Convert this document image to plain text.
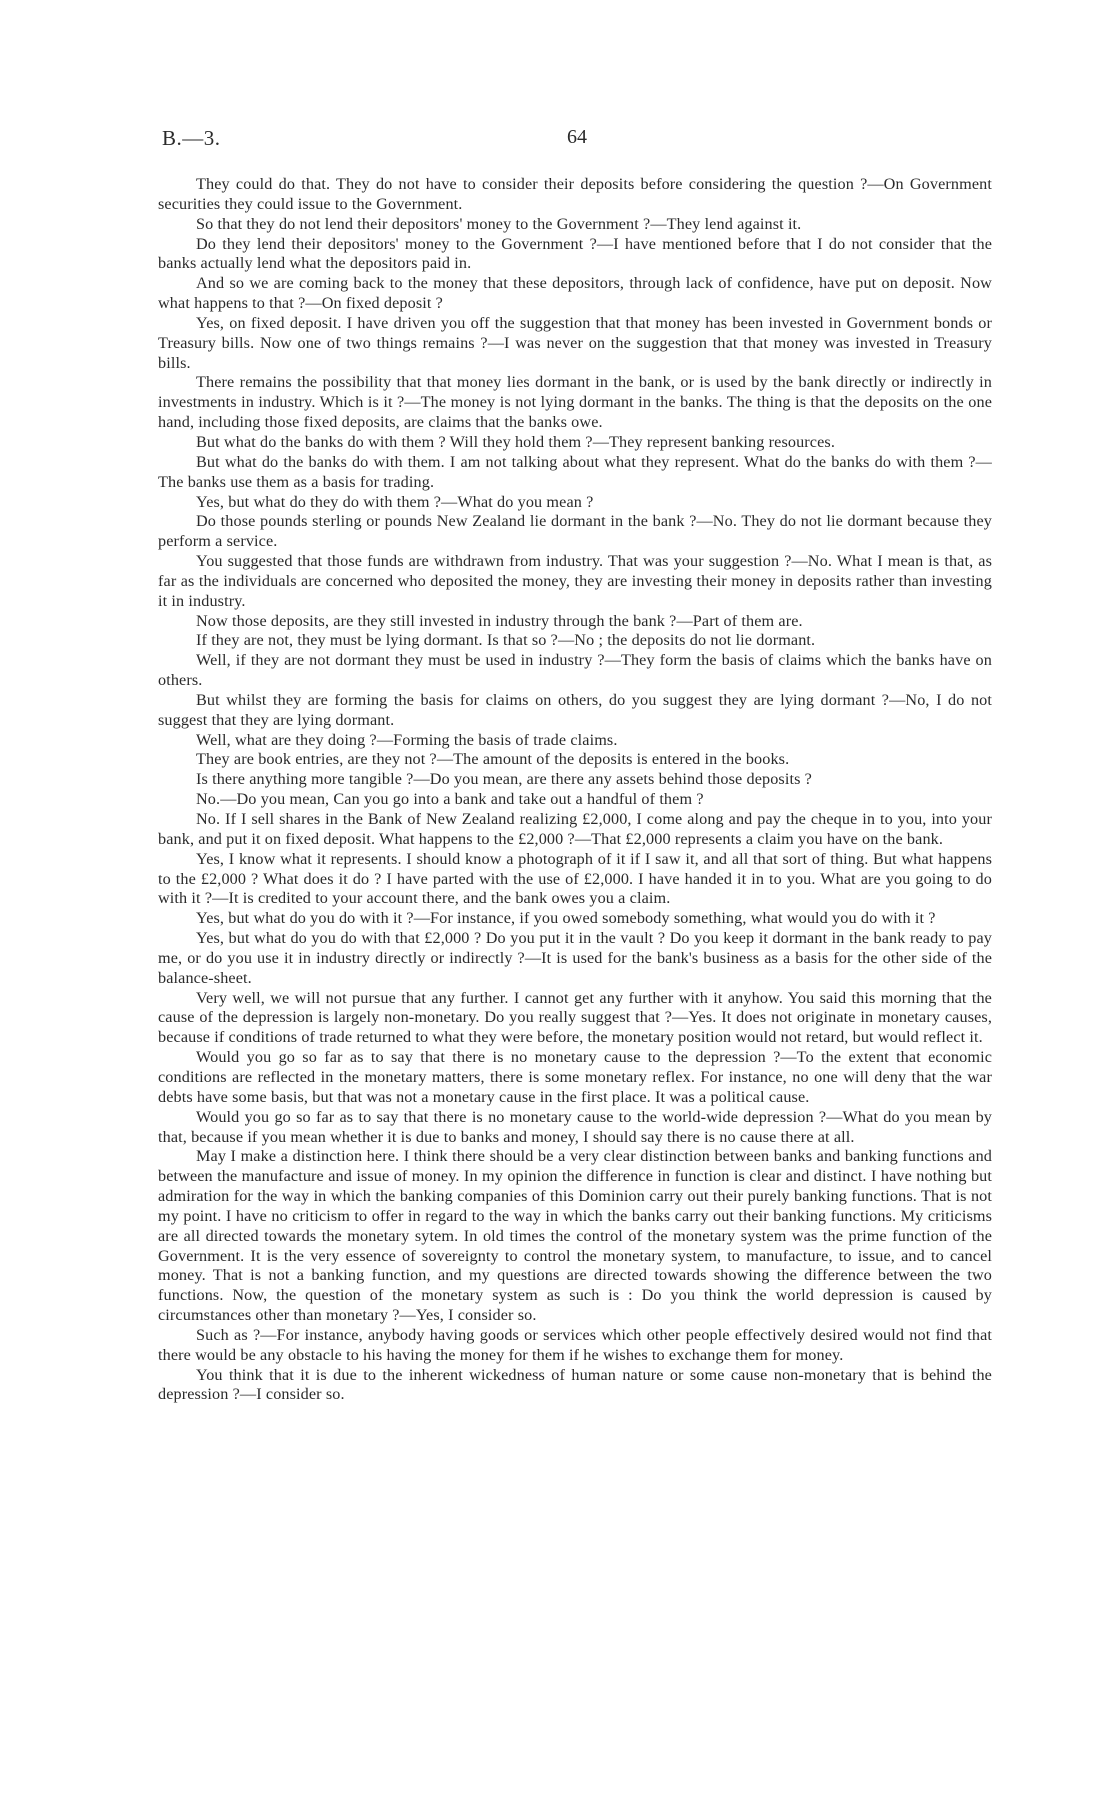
B.—3.	64

They could do that. They do not have to consider their deposits before considering the question ?—On Government securities they could issue to the Government.

So that they do not lend their depositors' money to the Government ?—They lend against it.

Do they lend their depositors' money to the Government ?—I have mentioned before that I do not consider that the banks actually lend what the depositors paid in.

And so we are coming back to the money that these depositors, through lack of confidence, have put on deposit. Now what happens to that ?—On fixed deposit ?

Yes, on fixed deposit. I have driven you off the suggestion that that money has been invested in Government bonds or Treasury bills. Now one of two things remains ?—I was never on the suggestion that that money was invested in Treasury bills.

There remains the possibility that that money lies dormant in the bank, or is used by the bank directly or indirectly in investments in industry. Which is it ?—The money is not lying dormant in the banks. The thing is that the deposits on the one hand, including those fixed deposits, are claims that the banks owe.

But what do the banks do with them ? Will they hold them ?—They represent banking resources.

But what do the banks do with them. I am not talking about what they represent. What do the banks do with them ?—The banks use them as a basis for trading.

Yes, but what do they do with them ?—What do you mean ?

Do those pounds sterling or pounds New Zealand lie dormant in the bank ?—No. They do not lie dormant because they perform a service.

You suggested that those funds are withdrawn from industry. That was your suggestion ?—No. What I mean is that, as far as the individuals are concerned who deposited the money, they are investing their money in deposits rather than investing it in industry.

Now those deposits, are they still invested in industry through the bank ?—Part of them are.

If they are not, they must be lying dormant. Is that so ?—No ; the deposits do not lie dormant.

Well, if they are not dormant they must be used in industry ?—They form the basis of claims which the banks have on others.

But whilst they are forming the basis for claims on others, do you suggest they are lying dormant ?—No, I do not suggest that they are lying dormant.

Well, what are they doing ?—Forming the basis of trade claims.

They are book entries, are they not ?—The amount of the deposits is entered in the books.

Is there anything more tangible ?—Do you mean, are there any assets behind those deposits ?

No.—Do you mean, Can you go into a bank and take out a handful of them ?

No. If I sell shares in the Bank of New Zealand realizing £2,000, I come along and pay the cheque in to you, into your bank, and put it on fixed deposit. What happens to the £2,000 ?—That £2,000 represents a claim you have on the bank.

Yes, I know what it represents. I should know a photograph of it if I saw it, and all that sort of thing. But what happens to the £2,000 ? What does it do ? I have parted with the use of £2,000. I have handed it in to you. What are you going to do with it ?—It is credited to your account there, and the bank owes you a claim.

Yes, but what do you do with it ?—For instance, if you owed somebody something, what would you do with it ?

Yes, but what do you do with that £2,000 ? Do you put it in the vault ? Do you keep it dormant in the bank ready to pay me, or do you use it in industry directly or indirectly ?—It is used for the bank's business as a basis for the other side of the balance-sheet.

Very well, we will not pursue that any further. I cannot get any further with it anyhow. You said this morning that the cause of the depression is largely non-monetary. Do you really suggest that ?—Yes. It does not originate in monetary causes, because if conditions of trade returned to what they were before, the monetary position would not retard, but would reflect it.

Would you go so far as to say that there is no monetary cause to the depression ?—To the extent that economic conditions are reflected in the monetary matters, there is some monetary reflex. For instance, no one will deny that the war debts have some basis, but that was not a monetary cause in the first place. It was a political cause.

Would you go so far as to say that there is no monetary cause to the world-wide depression ?—What do you mean by that, because if you mean whether it is due to banks and money, I should say there is no cause there at all.

May I make a distinction here. I think there should be a very clear distinction between banks and banking functions and between the manufacture and issue of money. In my opinion the difference in function is clear and distinct. I have nothing but admiration for the way in which the banking companies of this Dominion carry out their purely banking functions. That is not my point. I have no criticism to offer in regard to the way in which the banks carry out their banking functions. My criticisms are all directed towards the monetary sytem. In old times the control of the monetary system was the prime function of the Government. It is the very essence of sovereignty to control the monetary system, to manufacture, to issue, and to cancel money. That is not a banking function, and my questions are directed towards showing the difference between the two functions. Now, the question of the monetary system as such is : Do you think the world depression is caused by circumstances other than monetary ?—Yes, I consider so.

Such as ?—For instance, anybody having goods or services which other people effectively desired would not find that there would be any obstacle to his having the money for them if he wishes to exchange them for money.

You think that it is due to the inherent wickedness of human nature or some cause non-monetary that is behind the depression ?—I consider so.
